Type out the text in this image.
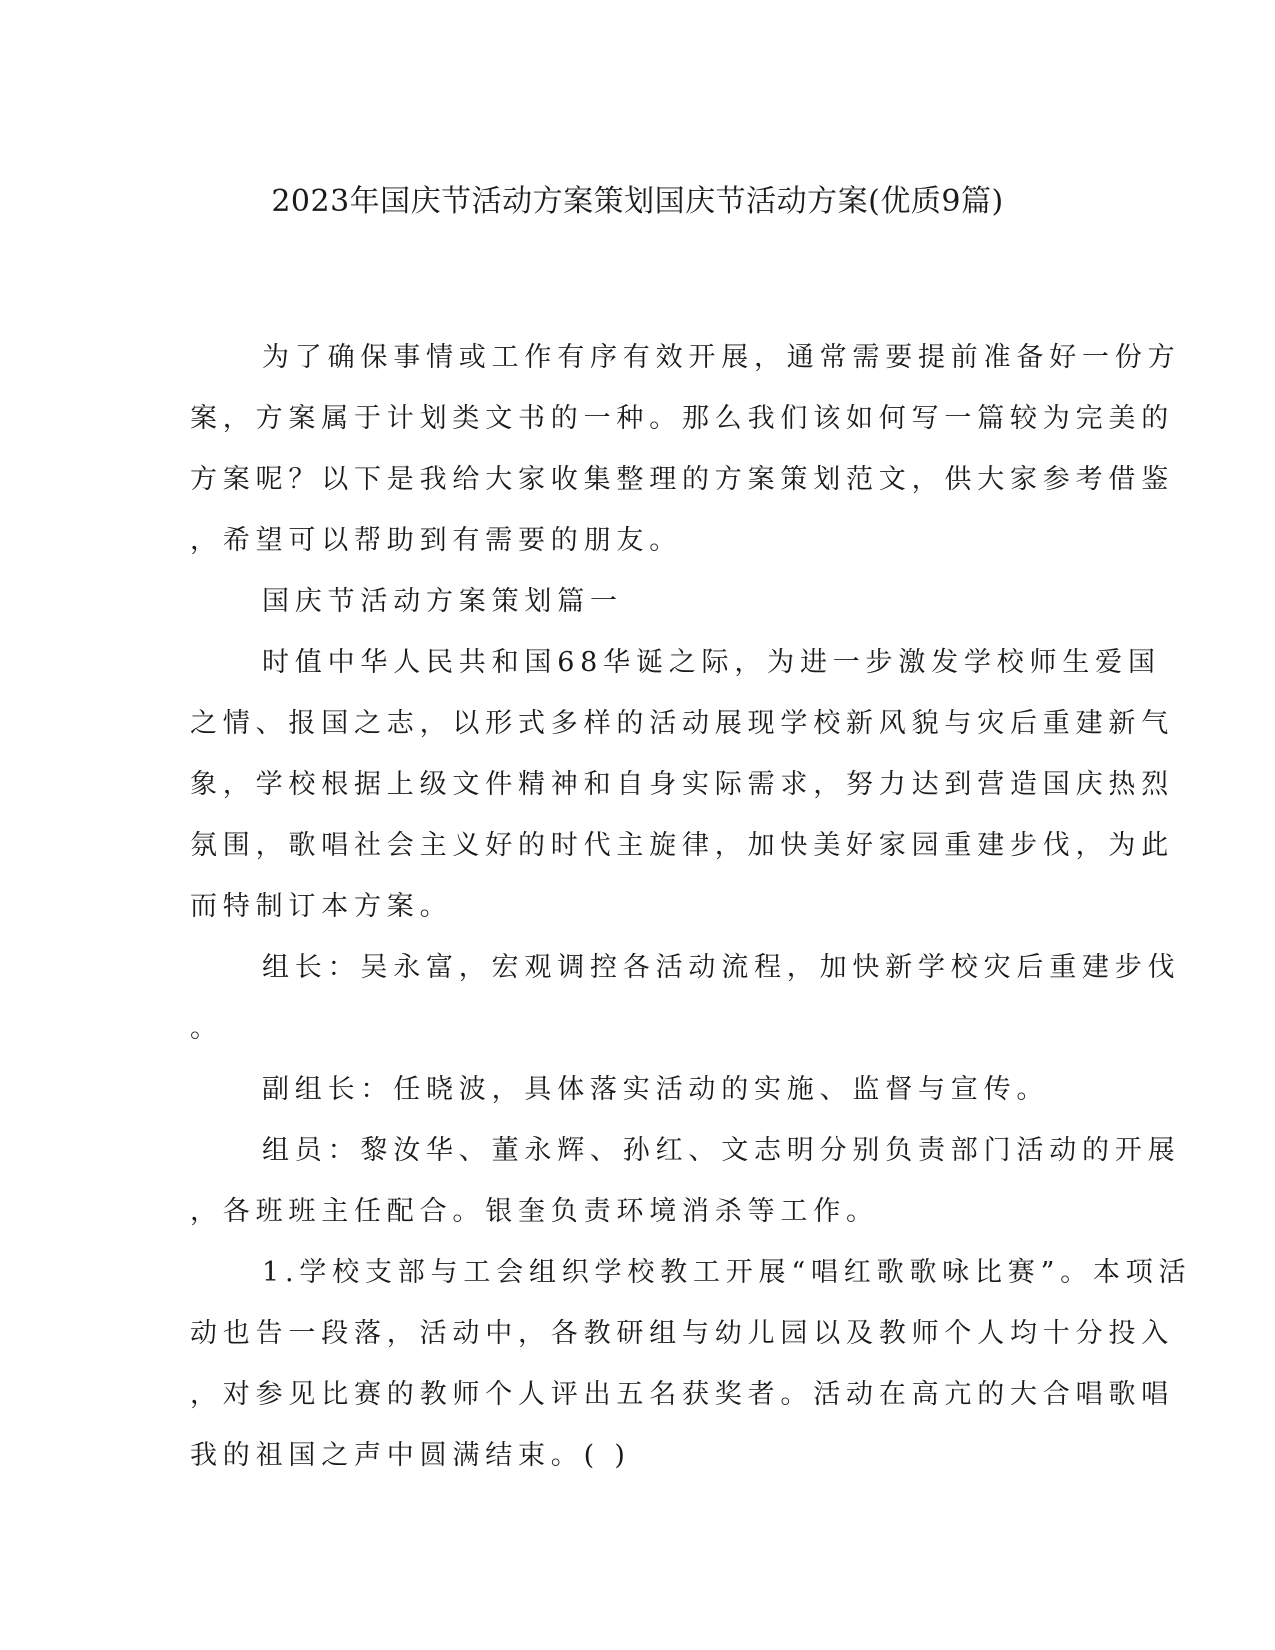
2023年国庆节活动方案策划国庆节活动方案(优质9篇)
为了确保事情或工作有序有效开展，通常需要提前准备好一份方
案，方案属于计划类文书的一种。那么我们该如何写一篇较为完美的
方案呢？以下是我给大家收集整理的方案策划范文，供大家参考借鉴
，希望可以帮助到有需要的朋友。
国庆节活动方案策划篇一
时值中华人民共和国68华诞之际，为进一步激发学校师生爱国
之情、报国之志，以形式多样的活动展现学校新风貌与灾后重建新气
象，学校根据上级文件精神和自身实际需求，努力达到营造国庆热烈
氛围，歌唱社会主义好的时代主旋律，加快美好家园重建步伐，为此
而特制订本方案。
组长：吴永富，宏观调控各活动流程，加快新学校灾后重建步伐
。
副组长：任晓波，具体落实活动的实施、监督与宣传。
组员：黎汝华、董永辉、孙红、文志明分别负责部门活动的开展
，各班班主任配合。银奎负责环境消杀等工作。
1.学校支部与工会组织学校教工开展“唱红歌歌咏比赛”。本项活
动也告一段落，活动中，各教研组与幼儿园以及教师个人均十分投入
，对参见比赛的教师个人评出五名获奖者。活动在高亢的大合唱歌唱
我的祖国之声中圆满结束。( )
